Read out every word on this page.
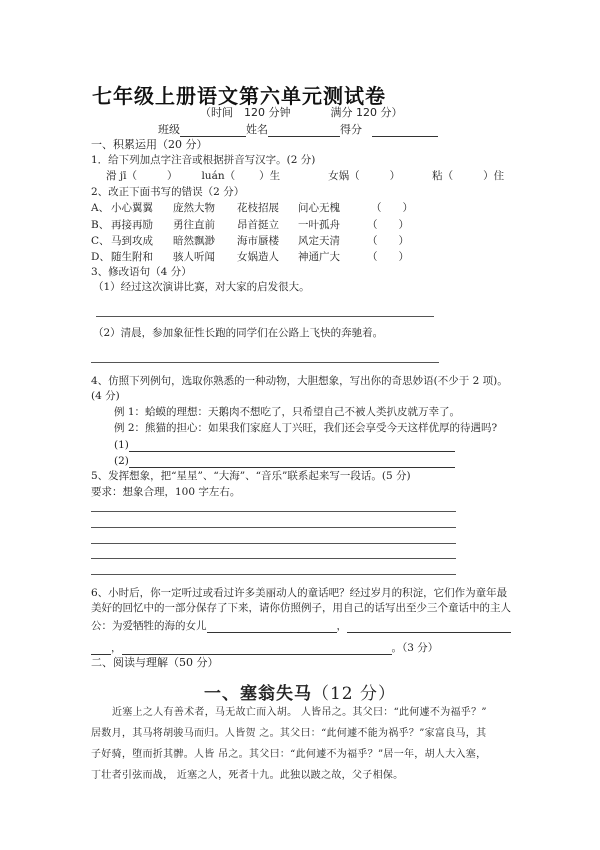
七年级上册语文第六单元测试卷
（时间　120 分钟	满分 120 分）
班级	姓名	得分
一、积累运用（20 分）
1．给下列加点字注音或根据拼音写汉字。(2 分)
滑 jī（	） luán（ ）生	女娲（	）	粘（	）住
2、改正下面书写的错误（2 分）
A、 小心翼翼 庞然大物 花枝招展 问心无槐	（　　）
B、 再接再励 勇往直前 昂首挺立 一叶孤舟	（　　）
C、 马到攻成 暗然飘渺 海市蜃楼 风定天清	（　　）
D、 随生附和 骇人听闻 女娲造人 神通广大	（　　）
3、修改语句（4 分）
（1）经过这次演讲比赛，对大家的启发很大。
（2）清晨，参加象征性长跑的同学们在公路上飞快的奔驰着。
4、仿照下列例句，选取你熟悉的一种动物，大胆想象，写出你的奇思妙语(不少于 2 项)。
(4 分)
例 1：蛤蟆的理想：天鹅肉不想吃了，只希望自己不被人类扒皮就万幸了。
例 2：熊猫的担心：如果我们家庭人丁兴旺，我们还会享受今天这样优厚的待遇吗?
(1)
(2)
5、发挥想象，把“星星”、“大海”、“音乐”联系起来写一段话。(5 分)
要求：想象合理，100 字左右。
6、小时后，你一定听过或看过许多美丽动人的童话吧？经过岁月的积淀，它们作为童年最
美好的回忆中的一部分保存了下来，请你仿照例子，用自己的话写出至少三个童话中的主人
公：为爱牺牲的海的女儿	，
，	。（3 分）
二、阅读与理解（50 分）
一、塞翁失马（12 分）
近塞上之人有善术者，马无故亡而入胡。 人皆吊之。其父曰：“此何遽不为福乎？”
居数月，其马将胡骏马而归。人皆贺 之。其父曰：“此何遽不能为祸乎？”家富良马，其
子好骑，堕而折其髀。人皆 吊之。其父曰：“此何遽不为福乎？”居一年，胡人大入塞，
丁壮者引弦而战， 近塞之人，死者十九。此独以跛之故，父子相保。
